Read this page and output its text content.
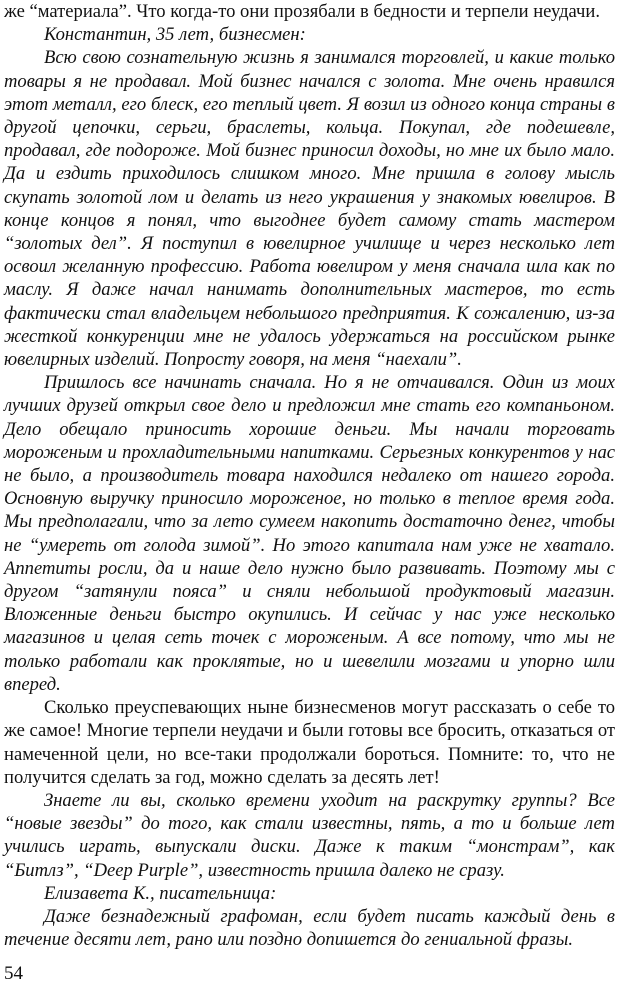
же “материала”. Что когда-то они прозябали в бедности и терпели неудачи.

Константин, 35 лет, бизнесмен:

Всю свою сознательную жизнь я занимался торговлей, и какие только товары я не продавал. Мой бизнес начался с золота. Мне очень нравился этот металл, его блеск, его теплый цвет. Я возил из одного конца страны в другой цепочки, серьги, браслеты, кольца. Покупал, где подешевле, продавал, где подороже. Мой бизнес приносил доходы, но мне их было мало. Да и ездить приходилось слишком много. Мне пришла в голову мысль скупать золотой лом и делать из него украшения у знакомых ювелиров. В конце концов я понял, что выгоднее будет самому стать мастером “золотых дел”. Я поступил в ювелирное училище и через несколько лет освоил желанную профессию. Работа ювелиром у меня сначала шла как по маслу. Я даже начал нанимать дополнительных мастеров, то есть фактически стал владельцем небольшого предприятия. К сожалению, из-за жесткой конкуренции мне не удалось удержаться на российском рынке ювелирных изделий. Попросту говоря, на меня “наехали”.

Пришлось все начинать сначала. Но я не отчаивался. Один из моих лучших друзей открыл свое дело и предложил мне стать его компаньоном. Дело обещало приносить хорошие деньги. Мы начали торговать мороженым и прохладительными напитками. Серьезных конкурентов у нас не было, а производитель товара находился недалеко от нашего города. Основную выручку приносило мороженое, но только в теплое время года. Мы предполагали, что за лето сумеем накопить достаточно денег, чтобы не “умереть от голода зимой”. Но этого капитала нам уже не хватало. Аппетиты росли, да и наше дело нужно было развивать. Поэтому мы с другом “затянули пояса” и сняли небольшой продуктовый магазин. Вложенные деньги быстро окупились. И сейчас у нас уже несколько магазинов и целая сеть точек с мороженым. А все потому, что мы не только работали как проклятые, но и шевелили мозгами и упорно шли вперед.

Сколько преуспевающих ныне бизнесменов могут рассказать о себе то же самое! Многие терпели неудачи и были готовы все бросить, отказаться от намеченной цели, но все-таки продолжали бороться. Помните: то, что не получится сделать за год, можно сделать за десять лет!

Знаете ли вы, сколько времени уходит на раскрутку группы? Все “новые звезды” до того, как стали известны, пять, а то и больше лет учились играть, выпускали диски. Даже к таким “монстрам”, как “Битлз”, “Deep Purple”, известность пришла далеко не сразу.

Елизавета К., писательница:

Даже безнадежный графоман, если будет писать каждый день в течение десяти лет, рано или поздно допишется до гениальной фразы.

54
